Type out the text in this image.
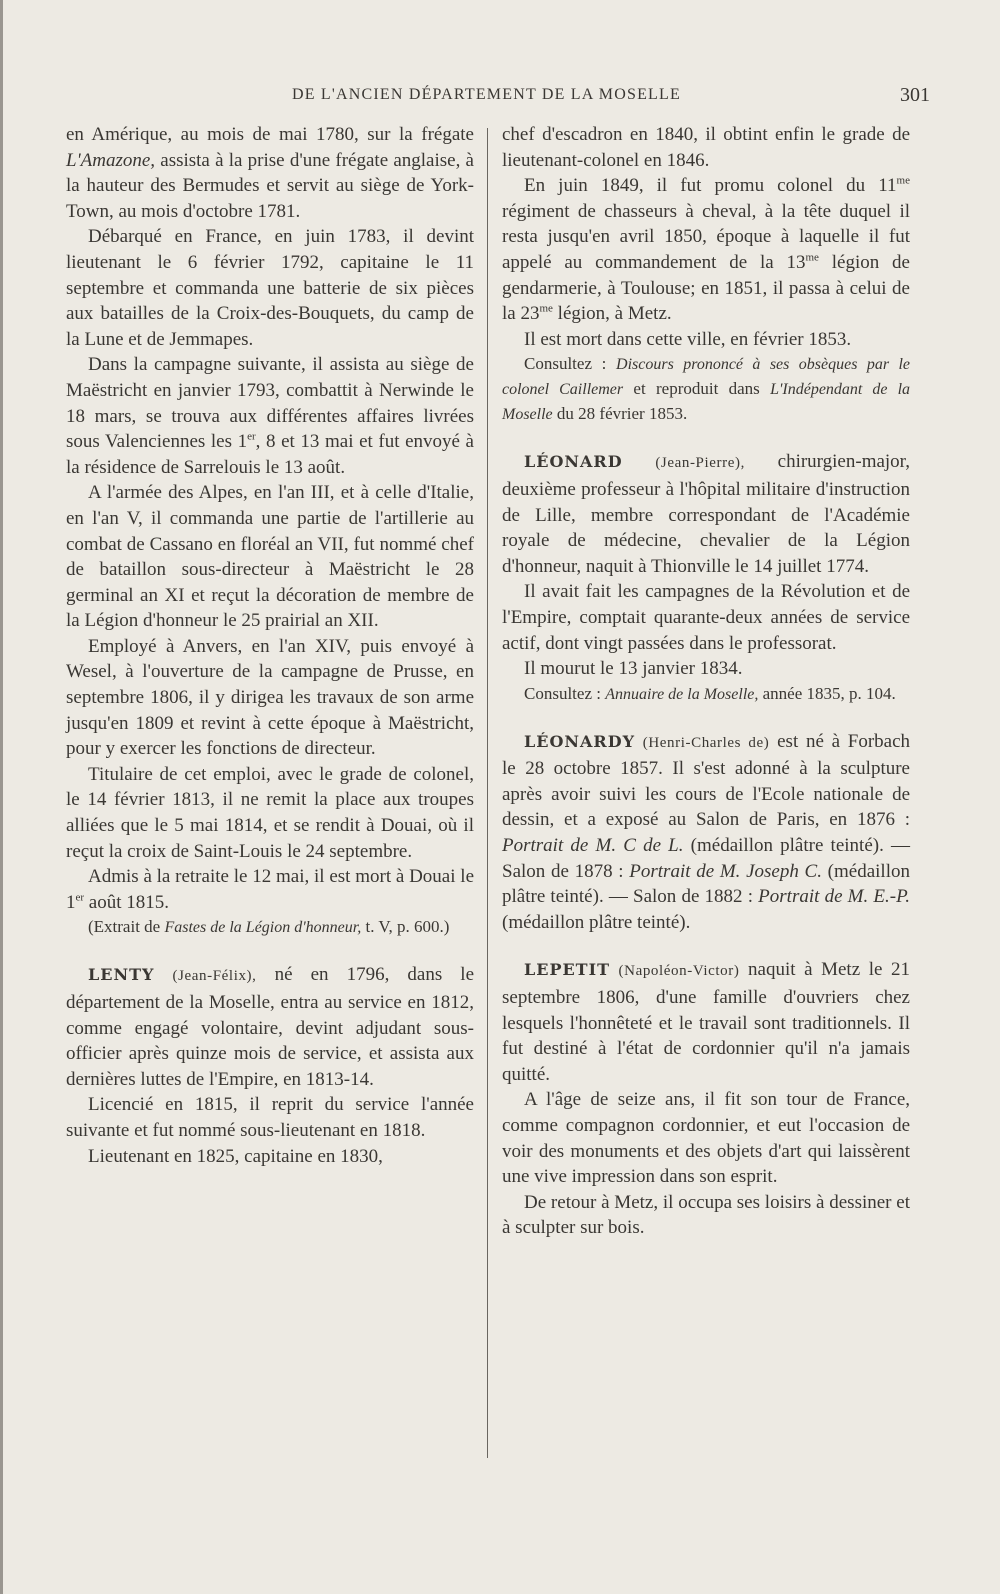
DE L'ANCIEN DÉPARTEMENT DE LA MOSELLE	301

en Amérique, au mois de mai 1780, sur la frégate L'Amazone, assista à la prise d'une frégate anglaise, à la hauteur des Bermudes et servit au siège de York-Town, au mois d'octobre 1781.

Débarqué en France, en juin 1783, il devint lieutenant le 6 février 1792, capitaine le 11 septembre et commanda une batterie de six pièces aux batailles de la Croix-des-Bouquets, du camp de la Lune et de Jemmapes.

Dans la campagne suivante, il assista au siège de Maëstricht en janvier 1793, combattit à Nerwinde le 18 mars, se trouva aux différentes affaires livrées sous Valenciennes les 1er, 8 et 13 mai et fut envoyé à la résidence de Sarrelouis le 13 août.

A l'armée des Alpes, en l'an III, et à celle d'Italie, en l'an V, il commanda une partie de l'artillerie au combat de Cassano en floréal an VII, fut nommé chef de bataillon sous-directeur à Maëstricht le 28 germinal an XI et reçut la décoration de membre de la Légion d'honneur le 25 prairial an XII.

Employé à Anvers, en l'an XIV, puis envoyé à Wesel, à l'ouverture de la campagne de Prusse, en septembre 1806, il y dirigea les travaux de son arme jusqu'en 1809 et revint à cette époque à Maëstricht, pour y exercer les fonctions de directeur.

Titulaire de cet emploi, avec le grade de colonel, le 14 février 1813, il ne remit la place aux troupes alliées que le 5 mai 1814, et se rendit à Douai, où il reçut la croix de Saint-Louis le 24 septembre.

Admis à la retraite le 12 mai, il est mort à Douai le 1er août 1815.

(Extrait de Fastes de la Légion d'honneur, t. V, p. 600.)

LENTY (Jean-Félix), né en 1796, dans le département de la Moselle, entra au service en 1812, comme engagé volontaire, devint adjudant sous-officier après quinze mois de service, et assista aux dernières luttes de l'Empire, en 1813-14.

Licencié en 1815, il reprit du service l'année suivante et fut nommé sous-lieutenant en 1818.

Lieutenant en 1825, capitaine en 1830,

chef d'escadron en 1840, il obtint enfin le grade de lieutenant-colonel en 1846.

En juin 1849, il fut promu colonel du $11^{me}$ régiment de chasseurs à cheval, à la tête duquel il resta jusqu'en avril 1850, époque à laquelle il fut appelé au commandement de la $13^{me}$ légion de gendarmerie, à Toulouse; en 1851, il passa à celui de la $23^{me}$ légion, à Metz.

Il est mort dans cette ville, en février 1853.

Consultez : Discours prononcé à ses obsèques par le colonel Caillemer et reproduit dans L'Indépendant de la Moselle du 28 février 1853.

LÉONARD (Jean-Pierre), chirurgien-major, deuxième professeur à l'hôpital militaire d'instruction de Lille, membre correspondant de l'Académie royale de médecine, chevalier de la Légion d'honneur, naquit à Thionville le 14 juillet 1774.

Il avait fait les campagnes de la Révolution et de l'Empire, comptait quarante-deux années de service actif, dont vingt passées dans le professorat.

Il mourut le 13 janvier 1834.

Consultez : Annuaire de la Moselle, année 1835, p. 104.

LÉONARDY (Henri-Charles de) est né à Forbach le 28 octobre 1857. Il s'est adonné à la sculpture après avoir suivi les cours de l'Ecole nationale de dessin, et a exposé au Salon de Paris, en 1876 : Portrait de M. C de L. (médaillon plâtre teinté). — Salon de 1878 : Portrait de M. Joseph C. (médaillon plâtre teinté). — Salon de 1882 : Portrait de M. E.-P. (médaillon plâtre teinté).

LEPETIT (Napoléon-Victor) naquit à Metz le 21 septembre 1806, d'une famille d'ouvriers chez lesquels l'honnêteté et le travail sont traditionnels. Il fut destiné à l'état de cordonnier qu'il n'a jamais quitté.

A l'âge de seize ans, il fit son tour de France, comme compagnon cordonnier, et eut l'occasion de voir des monuments et des objets d'art qui laissèrent une vive impression dans son esprit.

De retour à Metz, il occupa ses loisirs à dessiner et à sculpter sur bois.
